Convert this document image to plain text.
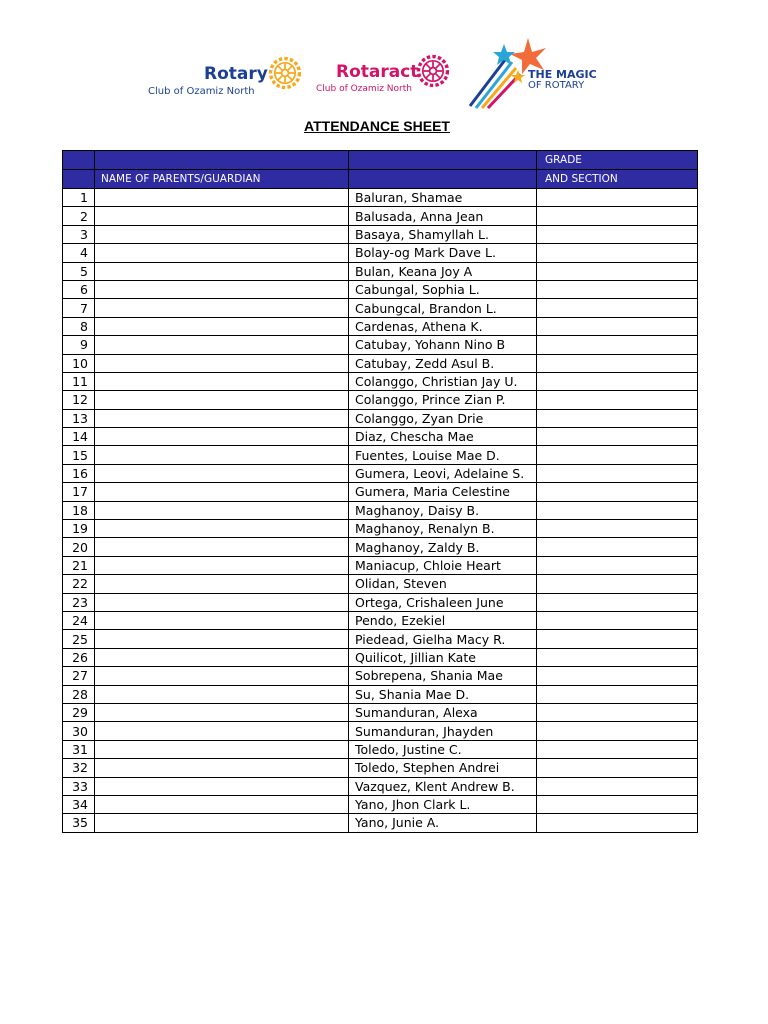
Rotary
Club of Ozamiz North
Rotaract
Club of Ozamiz North
THE MAGIC
OF ROTARY
ATTENDANCE SHEET
			GRADE
	NAME OF PARENTS/GUARDIAN		AND SECTION
1		Baluran, Shamae	
2		Balusada, Anna Jean	
3		Basaya, Shamyllah L.	
4		Bolay-og Mark Dave L.	
5		Bulan, Keana Joy A	
6		Cabungal, Sophia L.	
7		Cabungcal, Brandon L.	
8		Cardenas, Athena K.	
9		Catubay, Yohann Nino B	
10		Catubay, Zedd Asul B.	
11		Colanggo, Christian Jay U.	
12		Colanggo, Prince Zian P.	
13		Colanggo, Zyan Drie	
14		Diaz, Chescha Mae	
15		Fuentes, Louise Mae D.	
16		Gumera, Leovi, Adelaine S.	
17		Gumera, Maria Celestine	
18		Maghanoy, Daisy B.	
19		Maghanoy, Renalyn B.	
20		Maghanoy, Zaldy B.	
21		Maniacup, Chloie Heart	
22		Olidan, Steven	
23		Ortega, Crishaleen June	
24		Pendo, Ezekiel	
25		Piedead, Gielha Macy R.	
26		Quilicot, Jillian Kate	
27		Sobrepena, Shania Mae	
28		Su, Shania Mae D.	
29		Sumanduran, Alexa	
30		Sumanduran, Jhayden	
31		Toledo, Justine C.	
32		Toledo, Stephen Andrei	
33		Vazquez, Klent Andrew B.	
34		Yano, Jhon Clark L.	
35		Yano, Junie A.	
